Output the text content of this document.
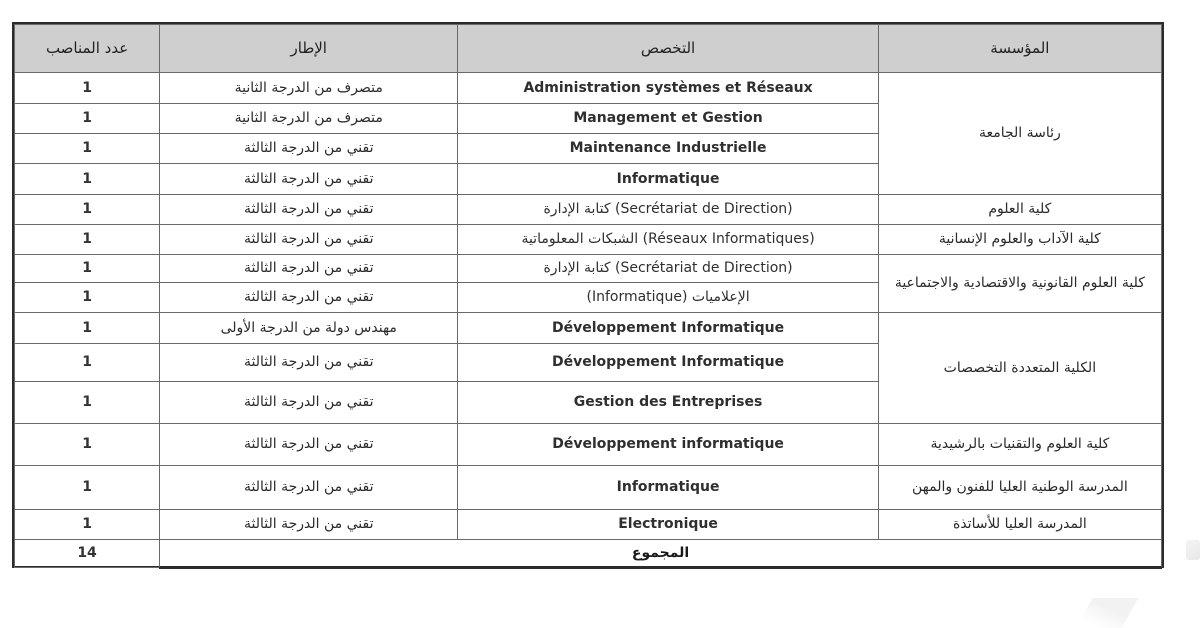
عدد المناصب	الإطار	التخصص	المؤسسة
1	متصرف من الدرجة الثانية	Administration systèmes et Réseaux	رئاسة الجامعة
1	متصرف من الدرجة الثانية	Management et Gestion	
1	تقني من الدرجة الثالثة	Maintenance Industrielle	
1	تقني من الدرجة الثالثة	Informatique	
1	تقني من الدرجة الثالثة	(Secrétariat de Direction) كتابة الإدارة	كلية العلوم
1	تقني من الدرجة الثالثة	(Réseaux Informatiques) الشبكات المعلوماتية	كلية الآداب والعلوم الإنسانية
1	تقني من الدرجة الثالثة	(Secrétariat de Direction) كتابة الإدارة	كلية العلوم القانونية والاقتصادية والاجتماعية
1	تقني من الدرجة الثالثة	الإعلاميات (Informatique)	
1	مهندس دولة من الدرجة الأولى	Développement Informatique	الكلية المتعددة التخصصات
1	تقني من الدرجة الثالثة	Développement Informatique	
1	تقني من الدرجة الثالثة	Gestion des Entreprises	
1	تقني من الدرجة الثالثة	Développement informatique	كلية العلوم والتقنيات بالرشيدية
1	تقني من الدرجة الثالثة	Informatique	المدرسة الوطنية العليا للفنون والمهن
1	تقني من الدرجة الثالثة	Electronique	المدرسة العليا للأساتذة
14	المجموع		
